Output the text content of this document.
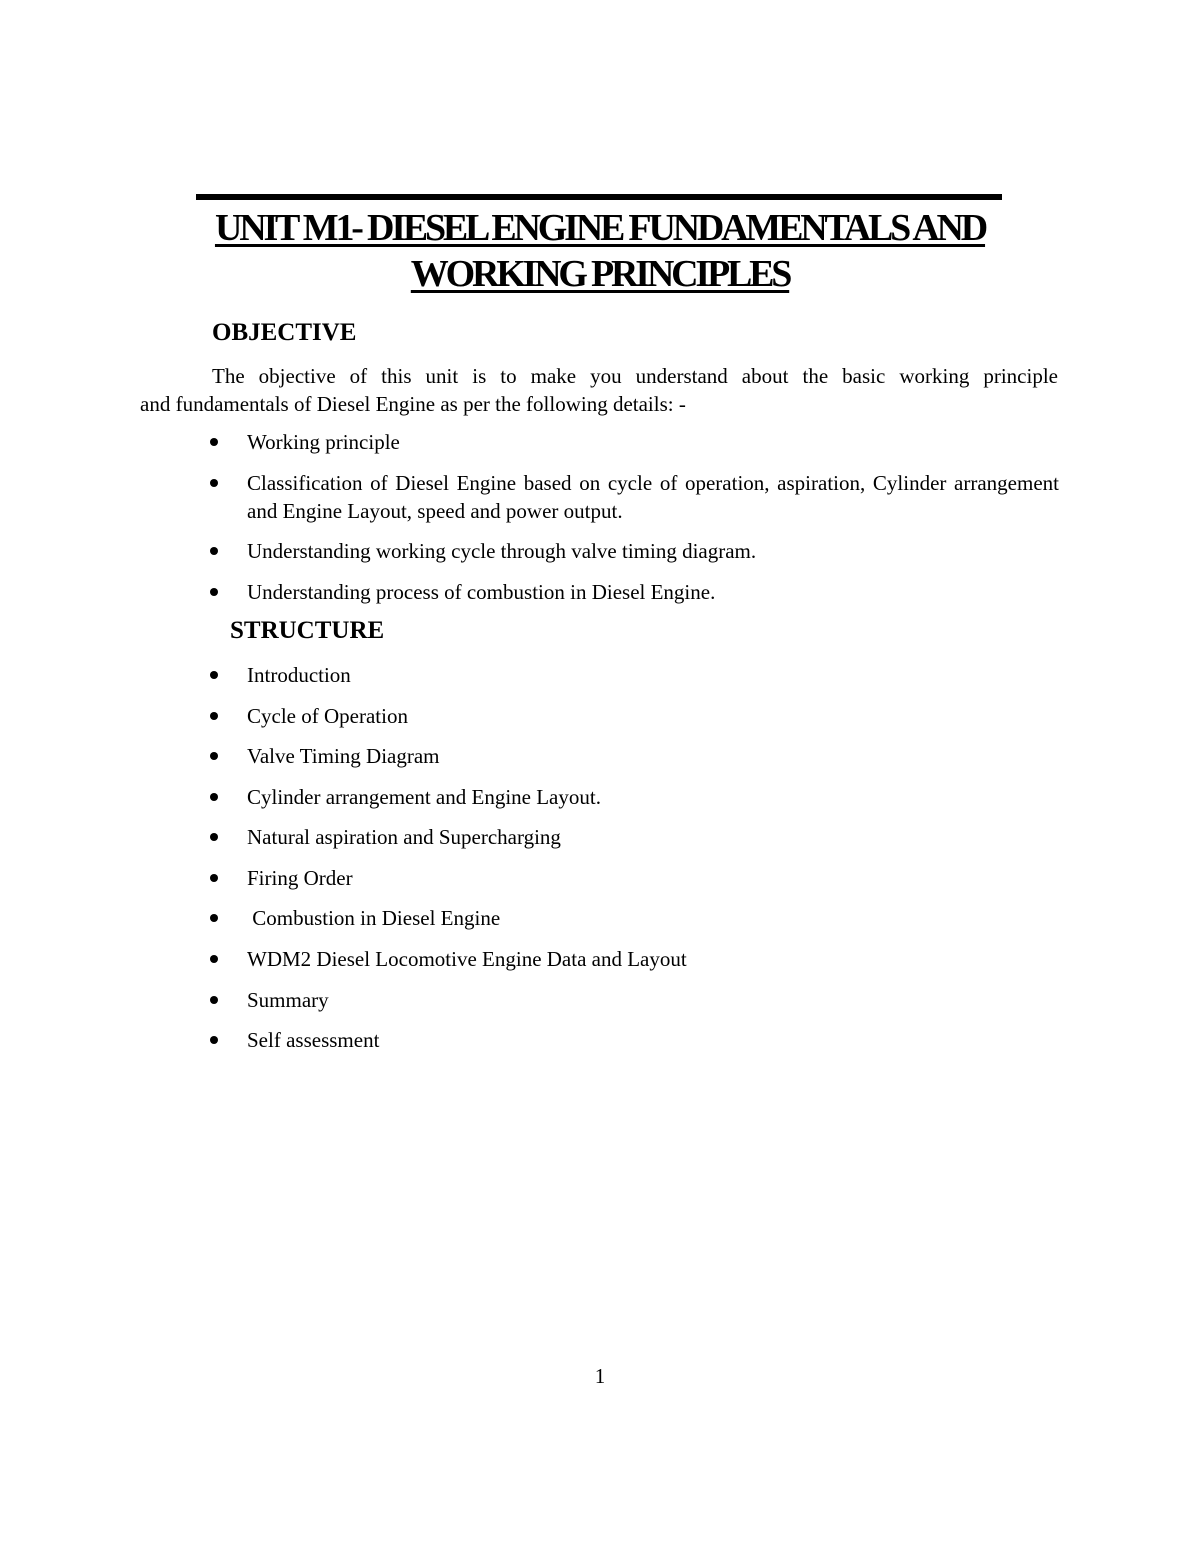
UNIT M1- DIESEL ENGINE FUNDAMENTALS AND
WORKING PRINCIPLES
OBJECTIVE
The objective of this unit is to make you understand about the basic working principle
and fundamentals of Diesel Engine as per the following details: -
Working principle
Classification of Diesel Engine based on cycle of operation, aspiration, Cylinder arrangement and Engine Layout, speed and power output.
Understanding working cycle through valve timing diagram.
Understanding process of combustion in Diesel Engine.
STRUCTURE
Introduction
Cycle of Operation
Valve Timing Diagram
Cylinder arrangement and Engine Layout.
Natural aspiration and Supercharging
Firing Order
Combustion in Diesel Engine
WDM2 Diesel Locomotive Engine Data and Layout
Summary
Self assessment
1
